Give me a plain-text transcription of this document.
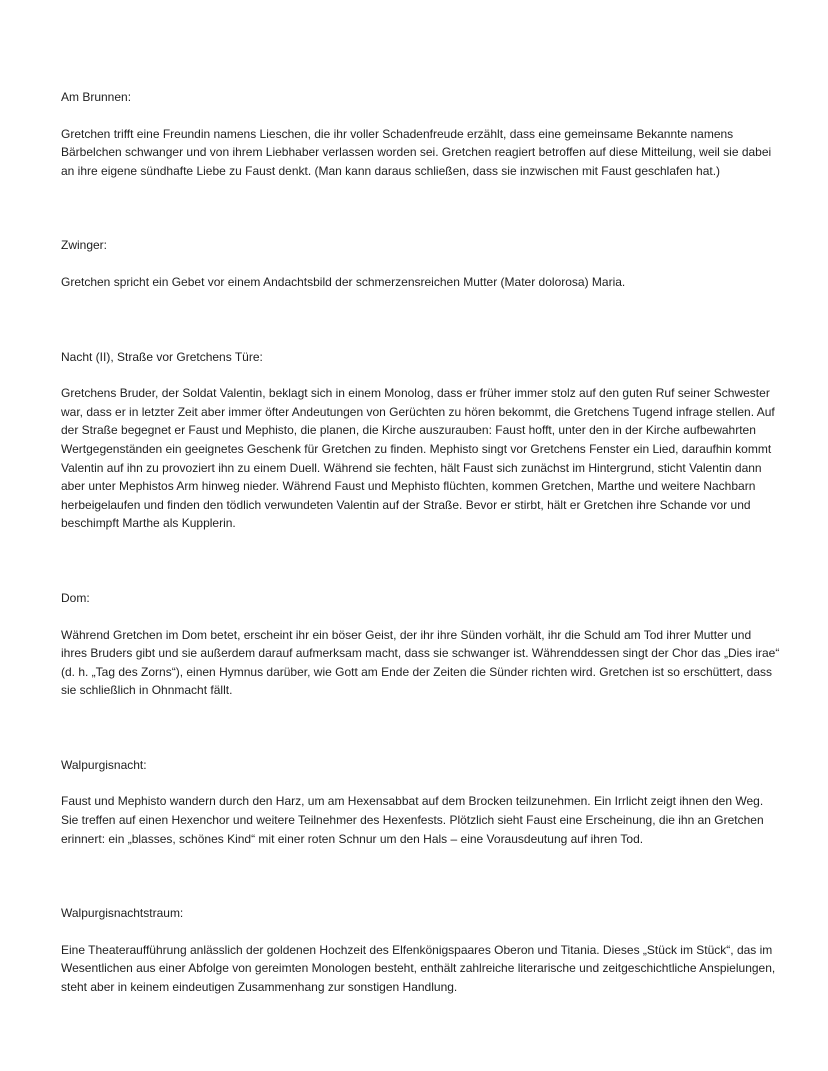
Am Brunnen:

Gretchen trifft eine Freundin namens Lieschen, die ihr voller Schadenfreude erzählt, dass eine gemeinsame Bekannte namens Bärbelchen schwanger und von ihrem Liebhaber verlassen worden sei. Gretchen reagiert betroffen auf diese Mitteilung, weil sie dabei an ihre eigene sündhafte Liebe zu Faust denkt. (Man kann daraus schließen, dass sie inzwischen mit Faust geschlafen hat.)

Zwinger:

Gretchen spricht ein Gebet vor einem Andachtsbild der schmerzensreichen Mutter (Mater dolorosa) Maria.

Nacht (II), Straße vor Gretchens Türe:

Gretchens Bruder, der Soldat Valentin, beklagt sich in einem Monolog, dass er früher immer stolz auf den guten Ruf seiner Schwester war, dass er in letzter Zeit aber immer öfter Andeutungen von Gerüchten zu hören bekommt, die Gretchens Tugend infrage stellen. Auf der Straße begegnet er Faust und Mephisto, die planen, die Kirche auszurauben: Faust hofft, unter den in der Kirche aufbewahrten Wertgegenständen ein geeignetes Geschenk für Gretchen zu finden. Mephisto singt vor Gretchens Fenster ein Lied, daraufhin kommt Valentin auf ihn zu provoziert ihn zu einem Duell. Während sie fechten, hält Faust sich zunächst im Hintergrund, sticht Valentin dann aber unter Mephistos Arm hinweg nieder. Während Faust und Mephisto flüchten, kommen Gretchen, Marthe und weitere Nachbarn herbeigelaufen und finden den tödlich verwundeten Valentin auf der Straße. Bevor er stirbt, hält er Gretchen ihre Schande vor und beschimpft Marthe als Kupplerin.

Dom:

Während Gretchen im Dom betet, erscheint ihr ein böser Geist, der ihr ihre Sünden vorhält, ihr die Schuld am Tod ihrer Mutter und ihres Bruders gibt und sie außerdem darauf aufmerksam macht, dass sie schwanger ist. Währenddessen singt der Chor das „Dies irae“ (d. h. „Tag des Zorns“), einen Hymnus darüber, wie Gott am Ende der Zeiten die Sünder richten wird. Gretchen ist so erschüttert, dass sie schließlich in Ohnmacht fällt.

Walpurgisnacht:

Faust und Mephisto wandern durch den Harz, um am Hexensabbat auf dem Brocken teilzunehmen. Ein Irrlicht zeigt ihnen den Weg. Sie treffen auf einen Hexenchor und weitere Teilnehmer des Hexenfests. Plötzlich sieht Faust eine Erscheinung, die ihn an Gretchen erinnert: ein „blasses, schönes Kind“ mit einer roten Schnur um den Hals – eine Vorausdeutung auf ihren Tod.

Walpurgisnachtstraum:

Eine Theateraufführung anlässlich der goldenen Hochzeit des Elfenkönigspaares Oberon und Titania. Dieses „Stück im Stück“, das im Wesentlichen aus einer Abfolge von gereimten Monologen besteht, enthält zahlreiche literarische und zeitgeschichtliche Anspielungen, steht aber in keinem eindeutigen Zusammenhang zur sonstigen Handlung.
